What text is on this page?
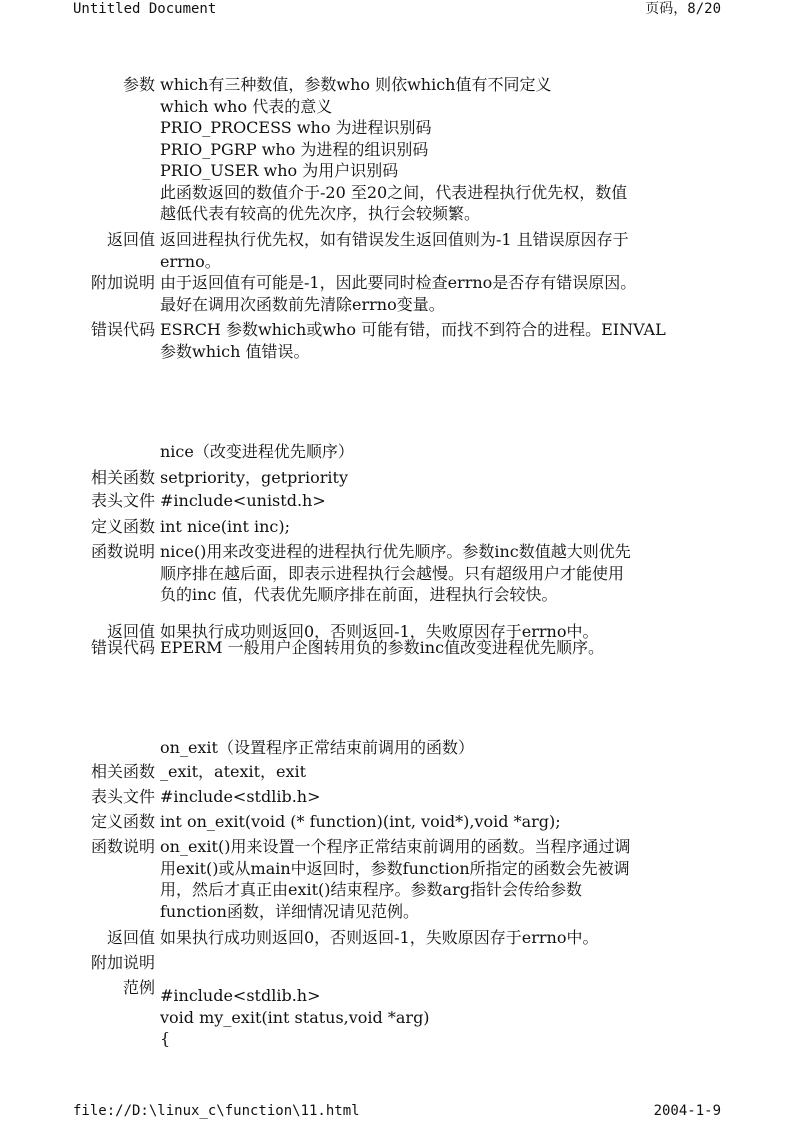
Untitled Document	页码，8/20
参数 which有三种数值，参数who 则依which值有不同定义
which who 代表的意义
PRIO_PROCESS who 为进程识别码
PRIO_PGRP who 为进程的组识别码
PRIO_USER who 为用户识别码
此函数返回的数值介于-20 至20之间，代表进程执行优先权，数值
越低代表有较高的优先次序，执行会较频繁。
返回值 返回进程执行优先权，如有错误发生返回值则为-1 且错误原因存于
errno。
附加说明 由于返回值有可能是-1，因此要同时检查errno是否存有错误原因。
最好在调用次函数前先清除errno变量。
错误代码 ESRCH 参数which或who 可能有错，而找不到符合的进程。EINVAL
参数which 值错误。
nice（改变进程优先顺序）
相关函数 setpriority，getpriority
表头文件 #include<unistd.h>
定义函数 int nice(int inc);
函数说明 nice()用来改变进程的进程执行优先顺序。参数inc数值越大则优先
顺序排在越后面，即表示进程执行会越慢。只有超级用户才能使用
负的inc 值，代表优先顺序排在前面，进程执行会较快。
返回值 如果执行成功则返回0，否则返回-1，失败原因存于errno中。
错误代码 EPERM 一般用户企图转用负的参数inc值改变进程优先顺序。
on_exit（设置程序正常结束前调用的函数）
相关函数 _exit，atexit，exit
表头文件 #include<stdlib.h>
定义函数 int on_exit(void (* function)(int, void*),void *arg);
函数说明 on_exit()用来设置一个程序正常结束前调用的函数。当程序通过调
用exit()或从main中返回时，参数function所指定的函数会先被调
用，然后才真正由exit()结束程序。参数arg指针会传给参数
function函数，详细情况请见范例。
返回值 如果执行成功则返回0，否则返回-1，失败原因存于errno中。
附加说明
范例 #include<stdlib.h>
void my_exit(int status,void *arg)
{
file://D:\linux_c\function\11.html	2004-1-9
